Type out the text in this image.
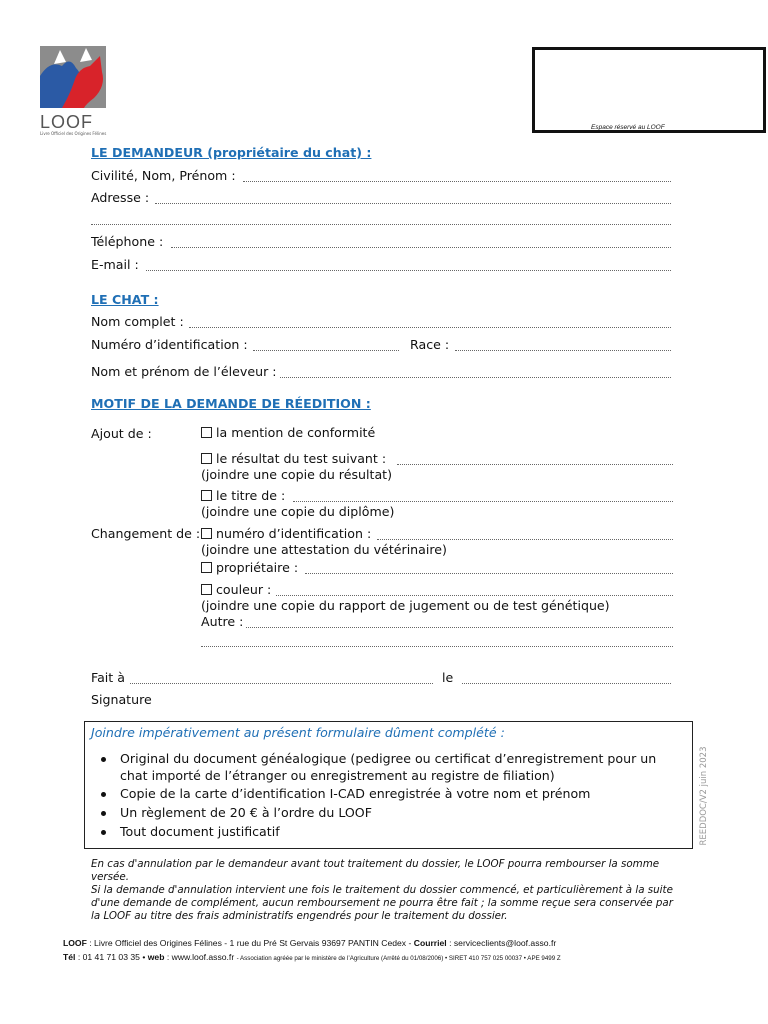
LOOF
Livre Officiel des Origines Félines
Espace réservé au LOOF
LE DEMANDEUR (propriétaire du chat) :
Civilité, Nom, Prénom :
Adresse :
Téléphone :
E-mail :
LE CHAT :
Nom complet :
Numéro d’identification :	Race :
Nom et prénom de l’éleveur :
MOTIF DE LA DEMANDE DE RÉEDITION :
Ajout de :	la mention de conformité
le résultat du test suivant :
(joindre une copie du résultat)
le titre de :
(joindre une copie du diplôme)
Changement de :	numéro d’identification :
(joindre une attestation du vétérinaire)
propriétaire :
couleur :
(joindre une copie du rapport de jugement ou de test génétique)
Autre :
Fait à	le
Signature
Joindre impérativement au présent formulaire dûment complété :
Original du document généalogique (pedigree ou certificat d’enregistrement pour un chat importé de l’étranger ou enregistrement au registre de filiation)
Copie de la carte d’identification I-CAD enregistrée à votre nom et prénom
Un règlement de 20 € à l’ordre du LOOF
Tout document justificatif	REEDDOC/V2 juin 2023
En cas d'annulation par le demandeur avant tout traitement du dossier, le LOOF pourra rembourser la somme versée.
Si la demande d'annulation intervient une fois le traitement du dossier commencé, et particulièrement à la suite d'une demande de complément, aucun remboursement ne pourra être fait ; la somme reçue sera conservée par la LOOF au titre des frais administratifs engendrés pour le traitement du dossier.
LOOF : Livre Officiel des Origines Félines - 1 rue du Pré St Gervais 93697 PANTIN Cedex - Courriel : serviceclients@loof.asso.fr
Tél : 01 41 71 03 35 • web : www.loof.asso.fr - Association agréée par le ministère de l’Agriculture (Arrêté du 01/08/2006) • SIRET 410 757 025 00037 • APE 9499 Z
